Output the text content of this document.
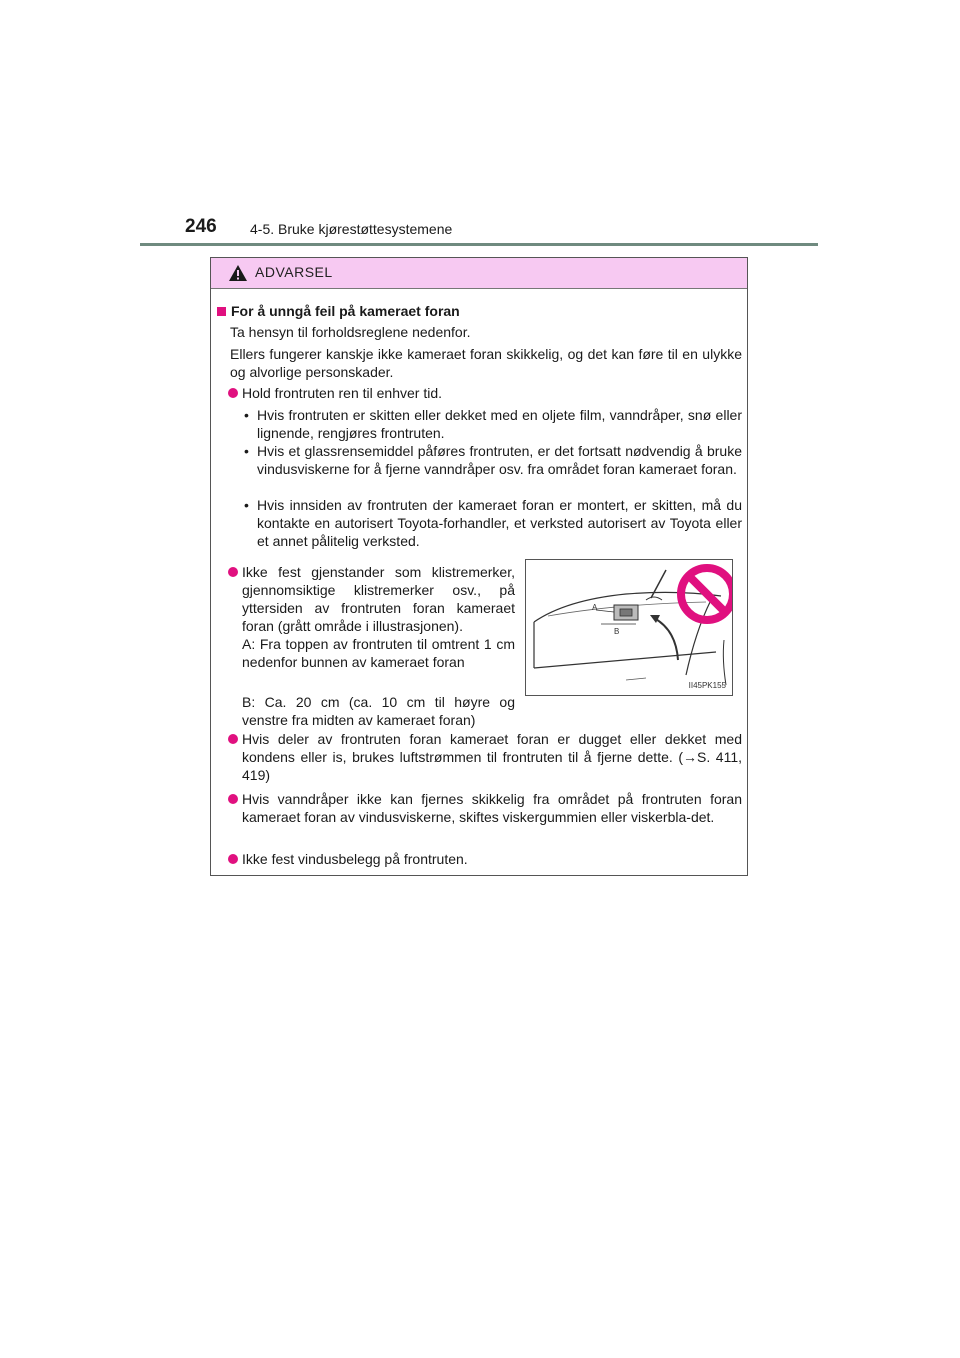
246 4-5. Bruke kjørestøttesystemene
ADVARSEL
For å unngå feil på kameraet foran
Ta hensyn til forholdsreglene nedenfor.
Ellers fungerer kanskje ikke kameraet foran skikkelig, og det kan føre til en ulykke og alvorlige personskader.
Hold frontruten ren til enhver tid.
• Hvis frontruten er skitten eller dekket med en oljete film, vanndråper, snø eller lignende, rengjøres frontruten.
• Hvis et glassrensemiddel påføres frontruten, er det fortsatt nødvendig å bruke vindusviskerne for å fjerne vanndråper osv. fra området foran kameraet foran.
• Hvis innsiden av frontruten der kameraet foran er montert, er skitten, må du kontakte en autorisert Toyota-forhandler, et verksted autorisert av Toyota eller et annet pålitelig verksted.
Ikke fest gjenstander som klistremerker, gjennomsiktige klistremerker osv., på yttersiden av frontruten foran kameraet foran (grått område i illustrasjonen).
A: Fra toppen av frontruten til omtrent 1 cm nedenfor bunnen av kameraet foran
B: Ca. 20 cm (ca. 10 cm til høyre og venstre fra midten av kameraet foran)
A
B
II45PK155
Hvis deler av frontruten foran kameraet foran er dugget eller dekket med kondens eller is, brukes luftstrømmen til frontruten til å fjerne dette. (→S. 411, 419)
Hvis vanndråper ikke kan fjernes skikkelig fra området på frontruten foran kameraet foran av vindusviskerne, skiftes viskergummien eller viskerbla-det.
Ikke fest vindusbelegg på frontruten.
